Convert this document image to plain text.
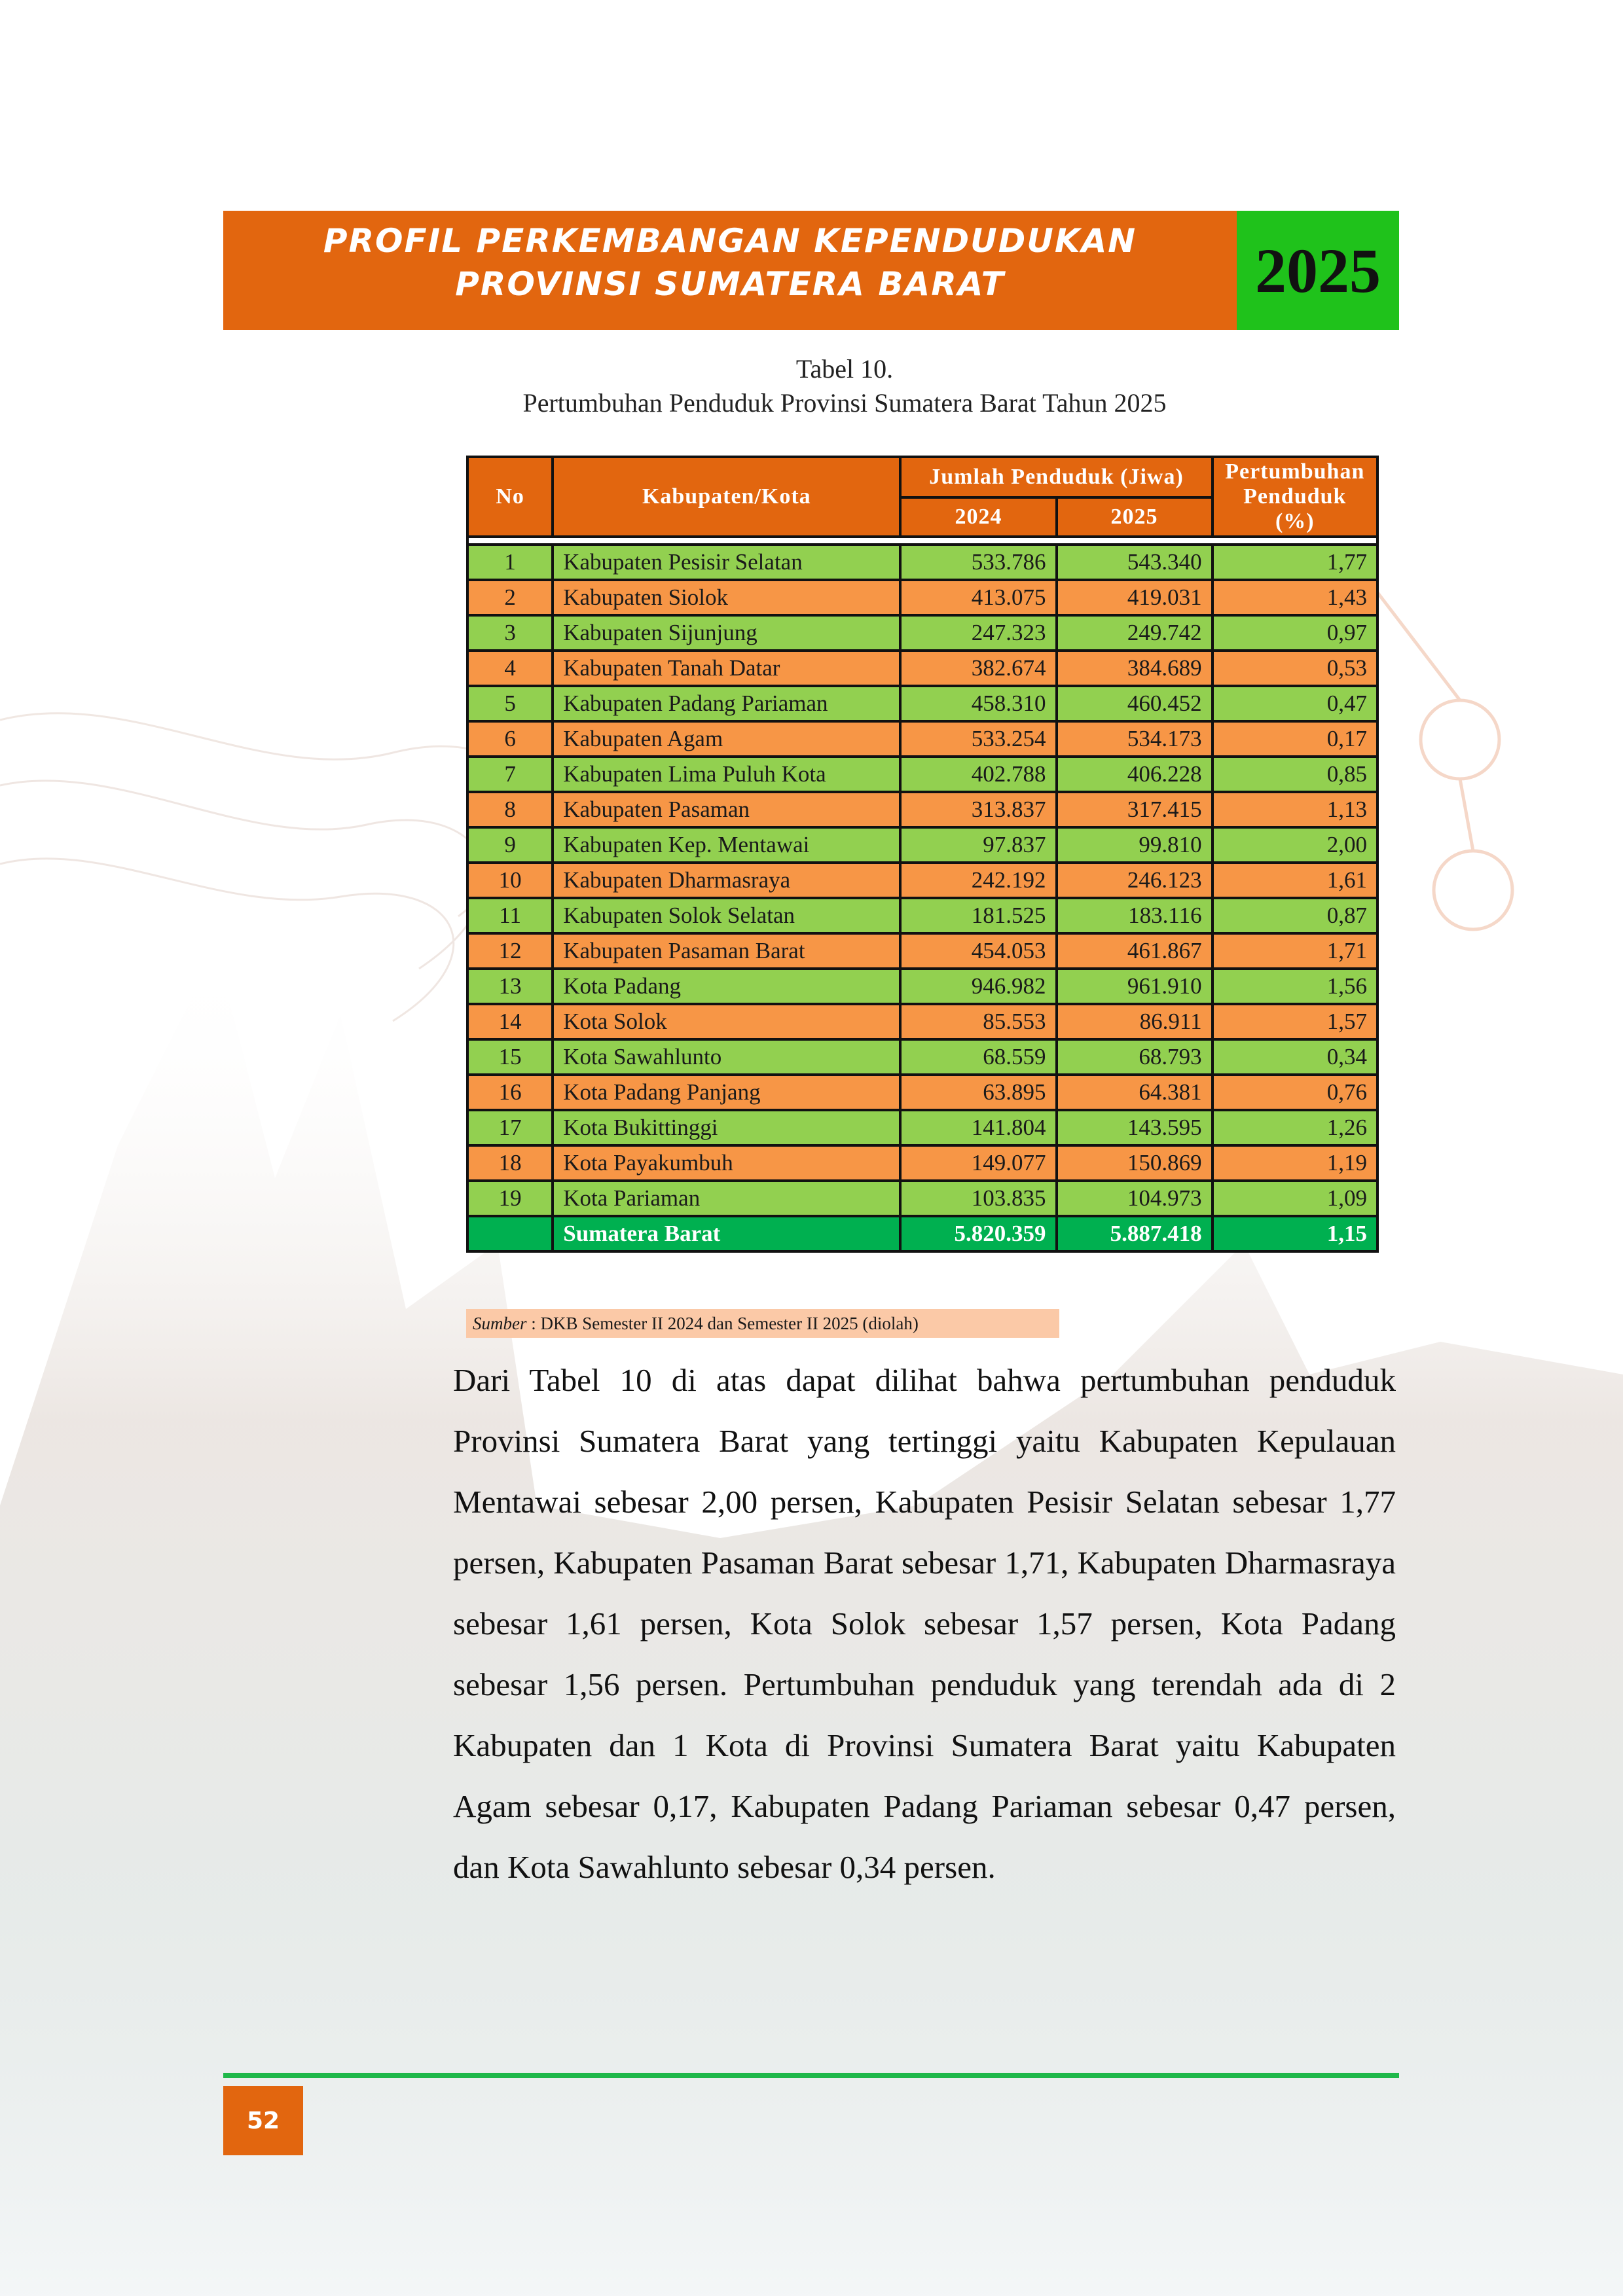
PROFIL PERKEMBANGAN KEPENDUDUKAN
PROVINSI SUMATERA BARAT	2025
Tabel 10.
Pertumbuhan Penduduk Provinsi Sumatera Barat Tahun 2025
No	Kabupaten/Kota	Jumlah Penduduk (Jiwa)		Pertumbuhan
Penduduk (%)

		2024	2025	

1	Kabupaten Pesisir Selatan	533.786	543.340	1,77
2	Kabupaten Siolok	413.075	419.031	1,43
3	Kabupaten Sijunjung	247.323	249.742	0,97
4	Kabupaten Tanah Datar	382.674	384.689	0,53
5	Kabupaten Padang Pariaman	458.310	460.452	0,47
6	Kabupaten Agam	533.254	534.173	0,17
7	Kabupaten Lima Puluh Kota	402.788	406.228	0,85
8	Kabupaten Pasaman	313.837	317.415	1,13
9	Kabupaten Kep. Mentawai	97.837	99.810	2,00
10	Kabupaten Dharmasraya	242.192	246.123	1,61
11	Kabupaten Solok Selatan	181.525	183.116	0,87
12	Kabupaten Pasaman Barat	454.053	461.867	1,71
13	Kota Padang	946.982	961.910	1,56
14	Kota Solok	85.553	86.911	1,57
15	Kota Sawahlunto	68.559	68.793	0,34
16	Kota Padang Panjang	63.895	64.381	0,76
17	Kota Bukittinggi	141.804	143.595	1,26
18	Kota Payakumbuh	149.077	150.869	1,19
19	Kota Pariaman	103.835	104.973	1,09
	Sumatera Barat	5.820.359	5.887.418	1,15
Sumber : DKB Semester II 2024 dan Semester II 2025 (diolah)
Dari Tabel 10 di atas dapat dilihat bahwa pertumbuhan penduduk Provinsi Sumatera Barat yang tertinggi yaitu Kabupaten Kepulauan Mentawai sebesar 2,00 persen, Kabupaten Pesisir Selatan sebesar 1,77 persen, Kabupaten Pasaman Barat sebesar 1,71, Kabupaten Dharmasraya sebesar 1,61 persen, Kota Solok sebesar 1,57 persen, Kota Padang sebesar 1,56 persen. Pertumbuhan penduduk yang terendah ada di 2 Kabupaten dan 1 Kota di Provinsi Sumatera Barat yaitu Kabupaten Agam sebesar 0,17, Kabupaten Padang Pariaman sebesar 0,47 persen, dan Kota Sawahlunto sebesar 0,34 persen.
52
